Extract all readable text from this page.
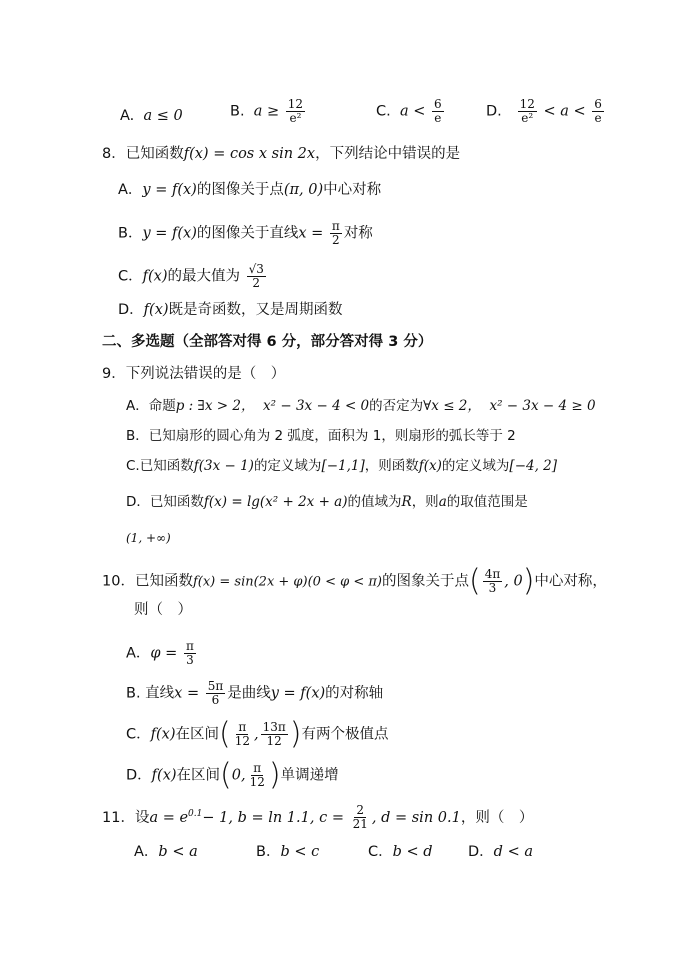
A. a ≤ 0	B. $a \ge \frac{12}{\text{e²}}$	C. $a < \frac{6}{e}$	D. $\frac{12}{\text{e²}} < a < \frac{6}{e}$
8．已知函数f(x) = cos x sin 2x，下列结论中错误的是
A．y = f(x)的图像关于点(π, 0)中心对称
B．y = f(x)的图像关于直线$x = \frac{\pi}{2}$ 对称
C．f(x)的最大值为 $\frac{√3}{2}$
D．f(x)既是奇函数，又是周期函数
二、多选题（全部答对得 6 分，部分答对得 3 分）
9．下列说法错误的是（　）
A．命题p : ∃x > 2， x² − 3x − 4 < 0的否定为∀x ≤ 2， x² − 3x − 4 ≥ 0
B．已知扇形的圆心角为 2 弧度，面积为 1，则扇形的弧长等于 2
C.已知函数f(3x − 1)的定义域为[−1,1]，则函数f(x)的定义域为[−4, 2]
D．已知函数f(x) = lg(x² + 2x + a)的值域为R，则a的取值范围是
(1, +∞)
10．已知函数f(x) = sin(2x + φ)(0 < φ < π)的图象关于点( $\frac{4\pi}{3}$ , 0)中心对称，
则（　）
A．$\varphi = \frac{\pi}{3}$
B. 直线$x = \frac{5\pi}{6}$ 是曲线y = f(x)的对称轴
C．f(x)在区间( $\frac{\pi}{12}$ , $\frac{13\pi}{12}$ )有两个极值点
D．f(x)在区间(0, $\frac{\pi}{12}$ )单调递增
11．设$a = e^{0.1}- 1$, b = ln 1.1, $c = \frac{2}{21}$ , d = sin 0.1，则（　）
A．b < a	B．b < c	C．b < d D．d < a
